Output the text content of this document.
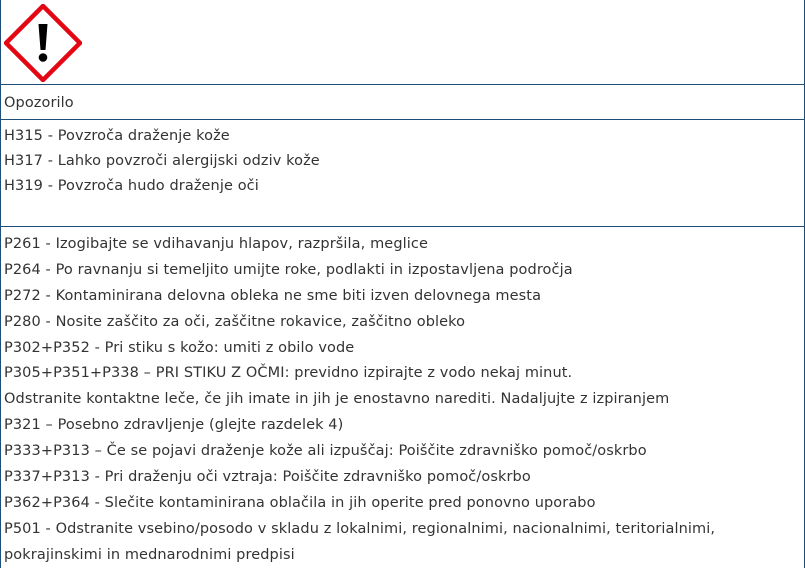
Opozorilo
H315 - Povzroča draženje kože
H317 - Lahko povzroči alergijski odziv kože
H319 - Povzroča hudo draženje oči
P261 - Izogibajte se vdihavanju hlapov, razpršila, meglice
P264 - Po ravnanju si temeljito umijte roke, podlakti in izpostavljena področja
P272 - Kontaminirana delovna obleka ne sme biti izven delovnega mesta
P280 - Nosite zaščito za oči, zaščitne rokavice, zaščitno obleko
P302+P352 - Pri stiku s kožo: umiti z obilo vode
P305+P351+P338 – PRI STIKU Z OČMI: previdno izpirajte z vodo nekaj minut.
Odstranite kontaktne leče, če jih imate in jih je enostavno narediti. Nadaljujte z izpiranjem
P321 – Posebno zdravljenje (glejte razdelek 4)
P333+P313 – Če se pojavi draženje kože ali izpuščaj: Poiščite zdravniško pomoč/oskrbo
P337+P313 - Pri draženju oči vztraja: Poiščite zdravniško pomoč/oskrbo
P362+P364 - Slečite kontaminirana oblačila in jih operite pred ponovno uporabo
P501 - Odstranite vsebino/posodo v skladu z lokalnimi, regionalnimi, nacionalnimi, teritorialnimi,
pokrajinskimi in mednarodnimi predpisi
